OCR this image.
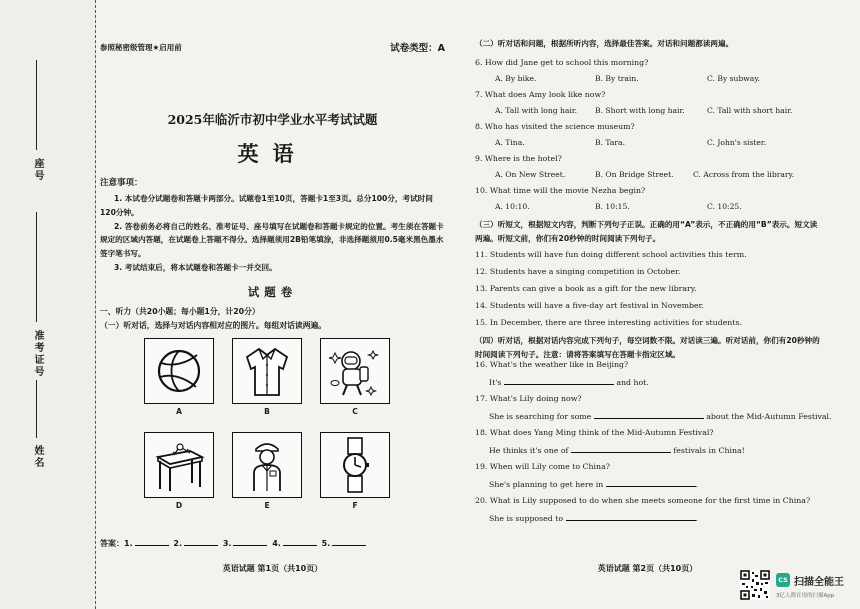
座号
准考证号
姓名
参照秘密级管理★启用前	试卷类型：A
2025年临沂市初中学业水平考试试题
英语
注意事项：

1. 本试卷分试题卷和答题卡两部分。试题卷1至10页，答题卡1至3页。总分100分，考试时间120分钟。

2. 答卷前务必将自己的姓名、准考证号、座号填写在试题卷和答题卡规定的位置。考生须在答题卡规定的区域内答题，在试题卷上答题不得分。选择题须用2B铅笔填涂，非选择题须用0.5毫米黑色墨水签字笔书写。

3. 考试结束后，将本试题卷和答题卡一并交回。

试题卷
一、听力（共20小题；每小题1分，计20分）
（一）听对话，选择与对话内容相对应的图片。每组对话读两遍。
A	B	C
D	E	F
答案：1.	2.	3.	4.	5.
英语试题 第1页（共10页）
（二）听对话和问题，根据所听内容，选择最佳答案。对话和问题都读两遍。
6. How did Jane get to school this morning?
A. By bike.	B. By train.	C. By subway.
7. What does Amy look like now?
A. Tall with long hair. B. Short with long hair.	C. Tall with short hair.
8. Who has visited the science museum?
A. Tina.	B. Tara.	C. John's sister.
9. Where is the hotel?
A. On New Street.	B. On Bridge Street.	C. Across from the library.
10. What time will the movie Nezha begin?
A. 10:10.	B. 10:15.	C. 10:25.
（三）听短文，根据短文内容，判断下列句子正误。正确的用“A”表示，不正确的用“B”表示。短文读两遍。听短文前，你们有20秒钟的时间阅读下列句子。
11. Students will have fun doing different school activities this term.
12. Students have a singing competition in October.
13. Parents can give a book as a gift for the new library.
14. Students will have a five-day art festival in November.
15. In December, there are three interesting activities for students.
（四）听对话，根据对话内容完成下列句子，每空词数不限。对话读三遍。听对话前，你们有20秒钟的时间阅读下列句子。注意：请将答案填写在答题卡指定区域。
16. What's the weather like in Beijing?
It's	and hot.
17. What's Lily doing now?
She is searching for some	about the Mid-Autumn Festival.
18. What does Yang Ming think of the Mid-Autumn Festival?
He thinks it's one of	festivals in China!
19. When will Lily come to China?
She's planning to get here in	.
20. What is Lily supposed to do when she meets someone for the first time in China?
She is supposed to	.
英语试题 第2页（共10页）
CS 扫描全能王
3亿人都在用的扫描App
